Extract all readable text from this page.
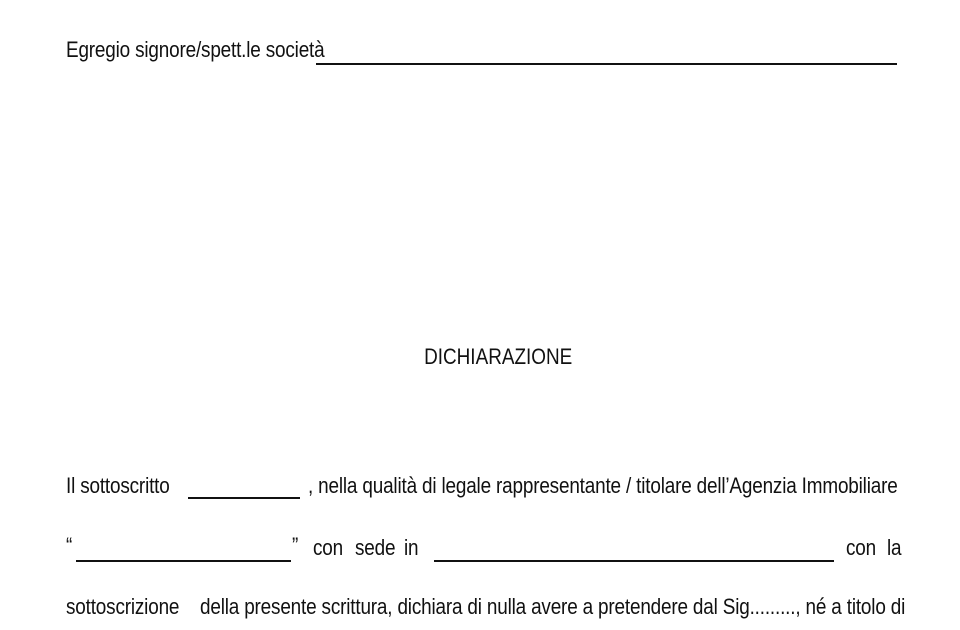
Egregio signore/spett.le società
DICHIARAZIONE
Il sottoscritto	, nella qualità di legale rappresentante / titolare dell’Agenzia Immobiliare
“	” con sede in	con la
sottoscrizione della presente scrittura, dichiara di nulla avere a pretendere dal Sig........., né a titolo di
